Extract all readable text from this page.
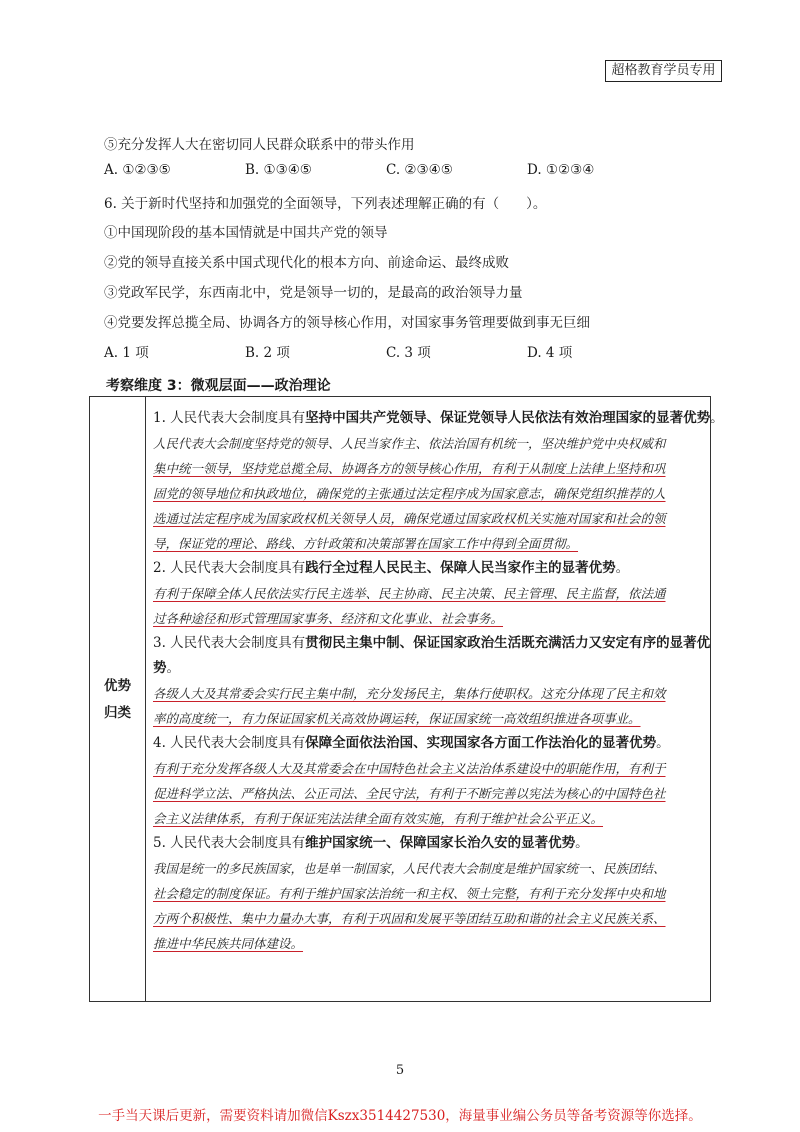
超格教育学员专用
⑤充分发挥人大在密切同人民群众联系中的带头作用
A. ①②③⑤	B. ①③④⑤	C. ②③④⑤	D. ①②③④
6. 关于新时代坚持和加强党的全面领导，下列表述理解正确的有（　　）。
①中国现阶段的基本国情就是中国共产党的领导
②党的领导直接关系中国式现代化的根本方向、前途命运、最终成败
③党政军民学，东西南北中，党是领导一切的，是最高的政治领导力量
④党要发挥总揽全局、协调各方的领导核心作用，对国家事务管理要做到事无巨细
A. 1 项	B. 2 项	C. 3 项	D. 4 项
考察维度 3：微观层面——政治理论
优势
归类
1. 人民代表大会制度具有坚持中国共产党领导、保证党领导人民依法有效治理国家的显著优势。
人民代表大会制度坚持党的领导、人民当家作主、依法治国有机统一，坚决维护党中央权威和
集中统一领导，坚持党总揽全局、协调各方的领导核心作用，有利于从制度上法律上坚持和巩
固党的领导地位和执政地位，确保党的主张通过法定程序成为国家意志，确保党组织推荐的人
选通过法定程序成为国家政权机关领导人员，确保党通过国家政权机关实施对国家和社会的领
导，保证党的理论、路线、方针政策和决策部署在国家工作中得到全面贯彻。
2. 人民代表大会制度具有践行全过程人民民主、保障人民当家作主的显著优势。
有利于保障全体人民依法实行民主选举、民主协商、民主决策、民主管理、民主监督，依法通
过各种途径和形式管理国家事务、经济和文化事业、社会事务。
3. 人民代表大会制度具有贯彻民主集中制、保证国家政治生活既充满活力又安定有序的显著优
势。
各级人大及其常委会实行民主集中制，充分发扬民主，集体行使职权。这充分体现了民主和效
率的高度统一，有力保证国家机关高效协调运转，保证国家统一高效组织推进各项事业。
4. 人民代表大会制度具有保障全面依法治国、实现国家各方面工作法治化的显著优势。
有利于充分发挥各级人大及其常委会在中国特色社会主义法治体系建设中的职能作用，有利于
促进科学立法、严格执法、公正司法、全民守法，有利于不断完善以宪法为核心的中国特色社
会主义法律体系，有利于保证宪法法律全面有效实施，有利于维护社会公平正义。
5. 人民代表大会制度具有维护国家统一、保障国家长治久安的显著优势。
我国是统一的多民族国家，也是单一制国家，人民代表大会制度是维护国家统一、民族团结、
社会稳定的制度保证。有利于维护国家法治统一和主权、领土完整，有利于充分发挥中央和地
方两个积极性、集中力量办大事，有利于巩固和发展平等团结互助和谐的社会主义民族关系、
推进中华民族共同体建设。
5
一手当天课后更新，需要资料请加微信Kszx3514427530，海量事业编公务员等备考资源等你选择。
